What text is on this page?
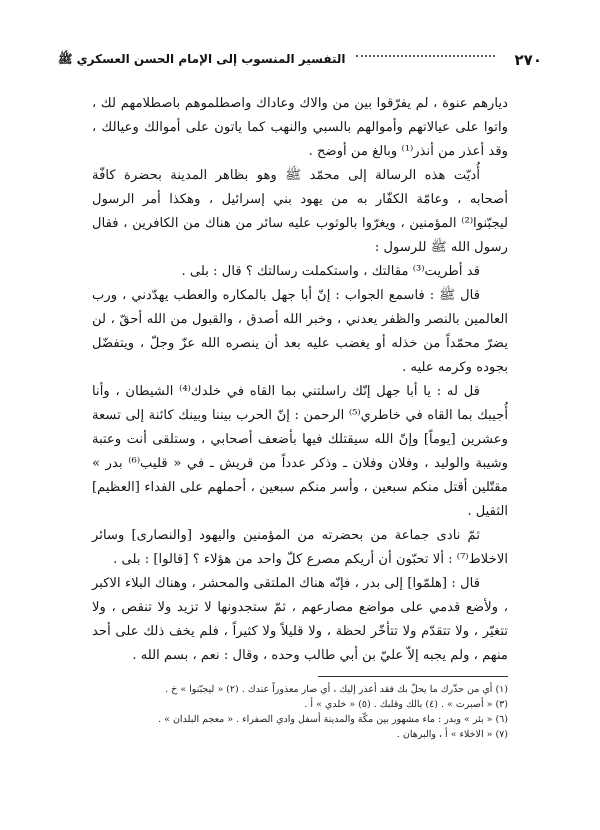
٢٧٠
التفسير المنسوب إلى الإمام الحسن العسكري ﷺ

ديارهم عنوة ، لم يفرّقوا بين من والاك وعاداك واصطلموهم باصطلامهم لك ، واتوا على عيالاتهم وأموالهم بالسبي والنهب كما ياتون على أموالك وعيالك ، وقد أعذر من أنذر⁽¹⁾ وبالغ من أوضح .

أُديّت هذه الرسالة إلى محمّد ﷺ وهو بظاهر المدينة بحضرة كافّة أصحابه ، وعامّة الكفّار به من يهود بني إسرائيل ، وهكذا أمر الرسول ليجبّنوا⁽²⁾ المؤمنين ، ويغرّوا بالوثوب عليه سائر من هناك من الكافرين ، فقال رسول الله ﷺ للرسول :

قد أطريت⁽³⁾ مقالتك ، واستكملت رسالتك ؟ قال : بلى .

قال ﷺ : فاسمع الجواب : إنّ أبا جهل بالمكاره والعطب يهدّدني ، ورب العالمين بالنصر والظفر يعدني ، وخبر الله أصدق ، والقبول من الله أحقّ ، لن يضرّ محمّداً من خذله أو يغضب عليه بعد أن ينصره الله عزّ وجلّ ، ويتفضّل بجوده وكرمه عليه .

قل له : يا أبا جهل إنّك راسلتني بما القاه في خلدك⁽⁴⁾ الشيطان ، وأنا أُجيبك بما القاه في خاطري⁽⁵⁾ الرحمن : إنّ الحرب بيننا وبينك كائنة إلى تسعة وعشرين [يوماً] وإنّ الله سيقتلك فيها بأضعف أصحابي ، وستلقى أنت وعتبة وشيبة والوليد ، وفلان وفلان ـ وذكر عدداً من قريش ـ في « قليب⁽⁶⁾ بدر » مقتّلين أقتل منكم سبعين ، وأسر منكم سبعين ، أحملهم على الفداء [العظيم] الثقيل .

ثمّ نادى جماعة من بحضرته من المؤمنين واليهود [والنصارى] وسائر الاخلاط⁽⁷⁾ : ألا تحبّون أن أريكم مصرع كلّ واحد من هؤلاء ؟ [قالوا] : بلى .

قال : [هلمّوا] إلى بدر ، فإنّه هناك الملتقى والمحشر ، وهناك البلاء الاكبر ، ولأضع قدمي على مواضع مصارعهم ، ثمّ ستجدونها لا تزيد ولا تنقص ، ولا تتغيّر ، ولا تتقدّم ولا تتأخّر لحظة ، ولا قليلاً ولا كثيراً ، فلم يخف ذلك على أحد منهم ، ولم يجبه إلاّ عليّ بن أبي طالب وحده ، وقال : نعم ، بسم الله .

(١) أي من حذّرك ما يحلّ بك فقد أعذر إليك ، أي صار معذوراً عندك . (٢) « ليجبّنوا » خ .

(٣) « أصبرت » . (٤) بالك وقلبك . (٥) « خلدي » أ .

(٦) « بئر » وبدر : ماء مشهور بين مكّة والمدينة أسفل وادي الصفراء . « معجم البلدان » .

(٧) « الاخلاء » أ ، والبرهان .
